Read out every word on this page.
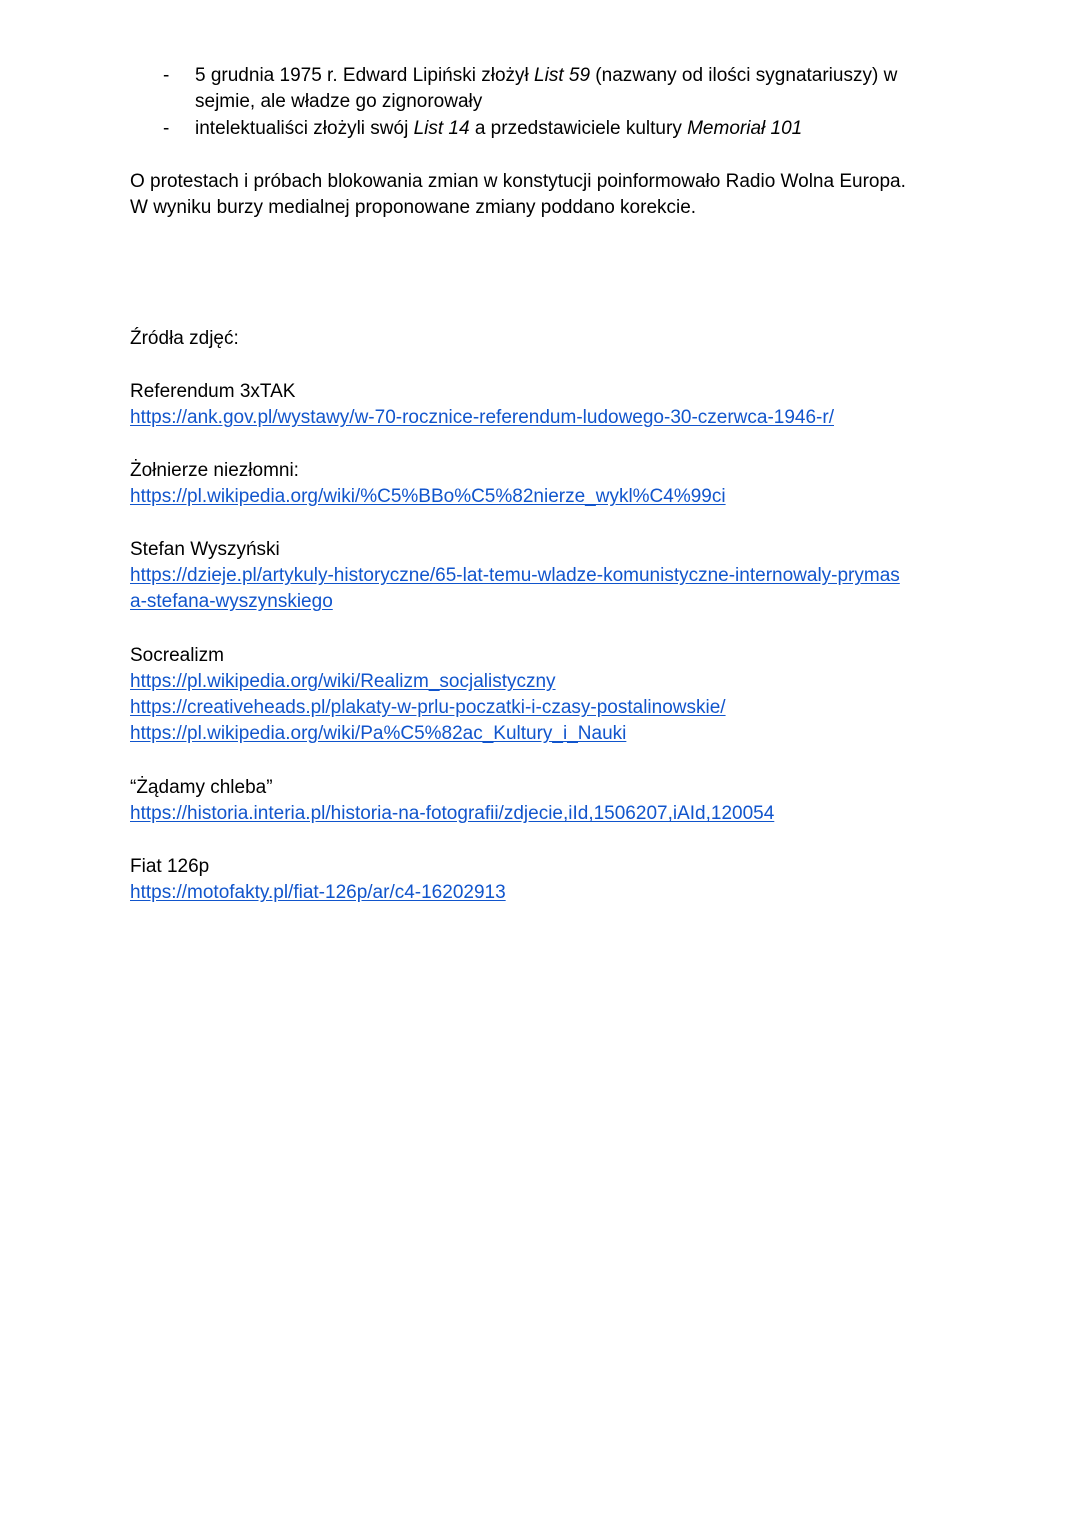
- 5 grudnia 1975 r. Edward Lipiński złożył List 59 (nazwany od ilości sygnatariuszy) w
sejmie, ale władze go zignorowały
- intelektualiści złożyli swój List 14 a przedstawiciele kultury Memoriał 101
O protestach i próbach blokowania zmian w konstytucji poinformowało Radio Wolna Europa.
W wyniku burzy medialnej proponowane zmiany poddano korekcie.
Źródła zdjęć:
Referendum 3xTAK
https://ank.gov.pl/wystawy/w-70-rocznice-referendum-ludowego-30-czerwca-1946-r/
Żołnierze niezłomni:
https://pl.wikipedia.org/wiki/%C5%BBo%C5%82nierze_wykl%C4%99ci
Stefan Wyszyński
https://dzieje.pl/artykuly-historyczne/65-lat-temu-wladze-komunistyczne-internowaly-prymas
a-stefana-wyszynskiego
Socrealizm
https://pl.wikipedia.org/wiki/Realizm_socjalistyczny
https://creativeheads.pl/plakaty-w-prlu-poczatki-i-czasy-postalinowskie/
https://pl.wikipedia.org/wiki/Pa%C5%82ac_Kultury_i_Nauki
“Żądamy chleba”
https://historia.interia.pl/historia-na-fotografii/zdjecie,iId,1506207,iAId,120054
Fiat 126p
https://motofakty.pl/fiat-126p/ar/c4-16202913
